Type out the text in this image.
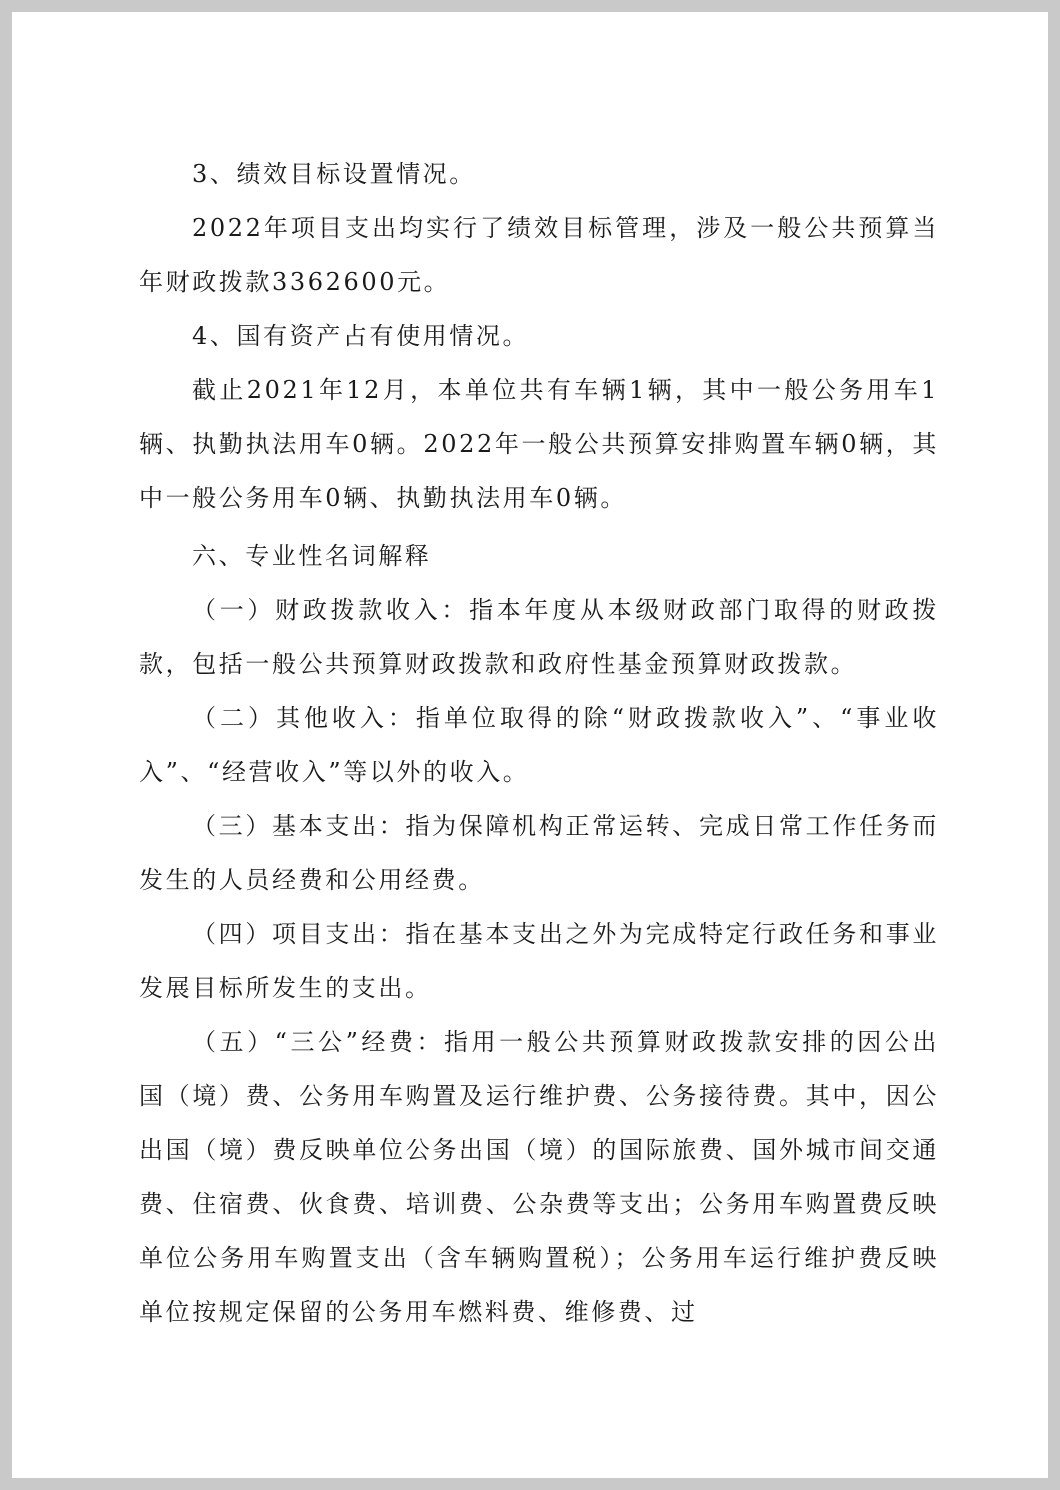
3、绩效目标设置情况。

2022年项目支出均实行了绩效目标管理，涉及一般公共预算当年财政拨款3362600元。

4、国有资产占有使用情况。

截止2021年12月，本单位共有车辆1辆，其中一般公务用车1辆、执勤执法用车0辆。2022年一般公共预算安排购置车辆0辆，其中一般公务用车0辆、执勤执法用车0辆。

六、专业性名词解释

（一）财政拨款收入：指本年度从本级财政部门取得的财政拨款，包括一般公共预算财政拨款和政府性基金预算财政拨款。

（二）其他收入：指单位取得的除“财政拨款收入”、“事业收入”、“经营收入”等以外的收入。

（三）基本支出：指为保障机构正常运转、完成日常工作任务而发生的人员经费和公用经费。

（四）项目支出：指在基本支出之外为完成特定行政任务和事业发展目标所发生的支出。

（五）“三公”经费：指用一般公共预算财政拨款安排的因公出国（境）费、公务用车购置及运行维护费、公务接待费。其中，因公出国（境）费反映单位公务出国（境）的国际旅费、国外城市间交通费、住宿费、伙食费、培训费、公杂费等支出；公务用车购置费反映单位公务用车购置支出（含车辆购置税）；公务用车运行维护费反映单位按规定保留的公务用车燃料费、维修费、过
